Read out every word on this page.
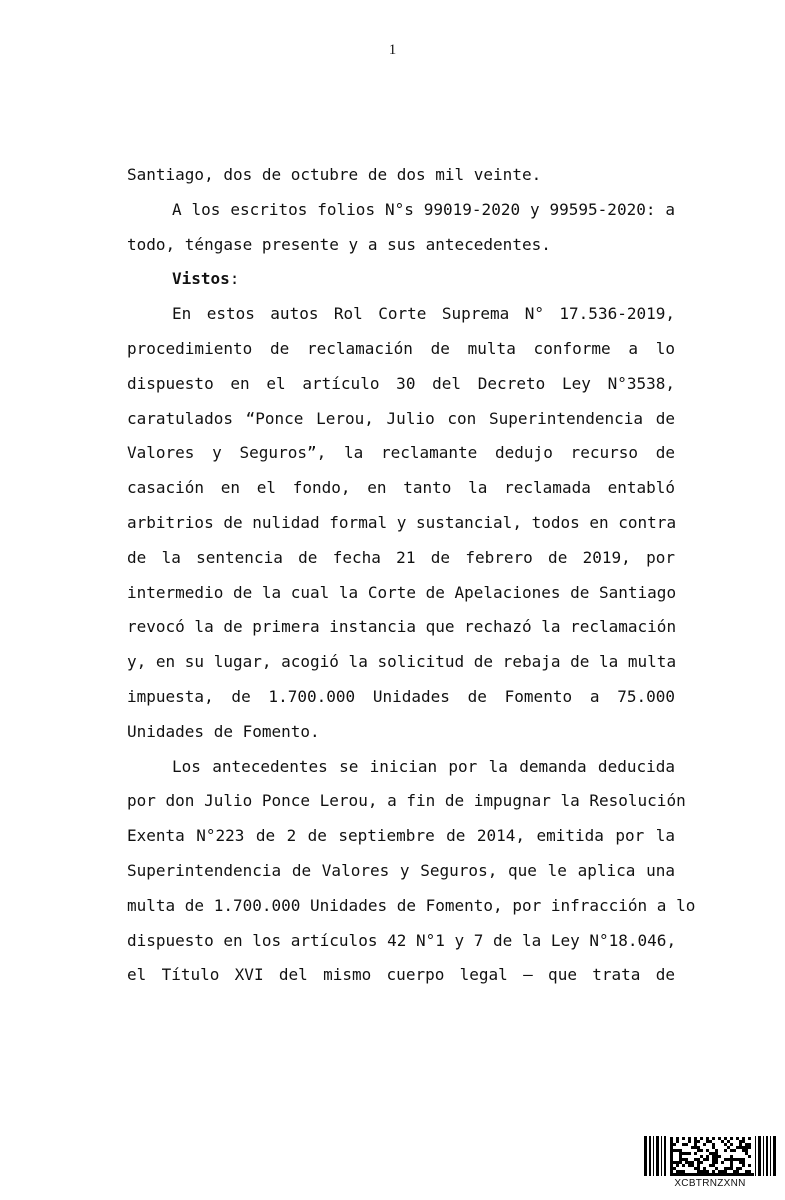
1

Santiago, dos de octubre de dos mil veinte.

A los escritos folios N°s 99019-2020 y 99595-2020: a
todo, téngase presente y a sus antecedentes.

Vistos:

En estos autos Rol Corte Suprema N° 17.536-2019,
procedimiento de reclamación de multa conforme a lo
dispuesto en el artículo 30 del Decreto Ley N°3538,
caratulados “Ponce Lerou, Julio con Superintendencia de
Valores y Seguros”, la reclamante dedujo recurso de
casación en el fondo, en tanto la reclamada entabló
arbitrios de nulidad formal y sustancial, todos en contra
de la sentencia de fecha 21 de febrero de 2019, por
intermedio de la cual la Corte de Apelaciones de Santiago
revocó la de primera instancia que rechazó la reclamación
y, en su lugar, acogió la solicitud de rebaja de la multa
impuesta, de 1.700.000 Unidades de Fomento a 75.000
Unidades de Fomento.

Los antecedentes se inician por la demanda deducida
por don Julio Ponce Lerou, a fin de impugnar la Resolución
Exenta N°223 de 2 de septiembre de 2014, emitida por la
Superintendencia de Valores y Seguros, que le aplica una
multa de 1.700.000 Unidades de Fomento, por infracción a lo
dispuesto en los artículos 42 N°1 y 7 de la Ley N°18.046,
el Título XVI del mismo cuerpo legal – que trata de

XCBTRNZXNN
